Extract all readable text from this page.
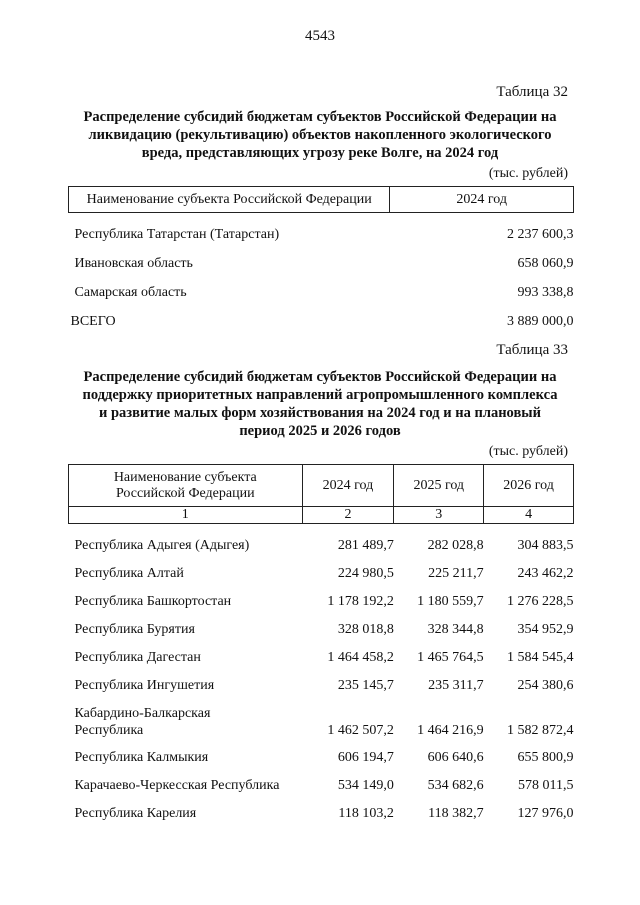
4543
Таблица 32
Распределение субсидий бюджетам субъектов Российской Федерации на
ликвидацию (рекультивацию) объектов накопленного экологического
вреда, представляющих угрозу реке Волге, на 2024 год
(тыс. рублей)
Наименование субъекта Российской Федерации	2024 год

Республика Татарстан (Татарстан)	2 237 600,3
Ивановская область	658 060,9
Самарская область	993 338,8
ВСЕГО	3 889 000,0
Таблица 33
Распределение субсидий бюджетам субъектов Российской Федерации на
поддержку приоритетных направлений агропромышленного комплекса
и развитие малых форм хозяйствования на 2024 год и на плановый
период 2025 и 2026 годов
(тыс. рублей)
Наименование субъекта
Российской Федерации	2024 год	2025 год	2026 год
1	2	3	4

Республика Адыгея (Адыгея)	281 489,7	282 028,8	304 883,5
Республика Алтай	224 980,5	225 211,7	243 462,2
Республика Башкортостан	1 178 192,2	1 180 559,7	1 276 228,5
Республика Бурятия	328 018,8	328 344,8	354 952,9
Республика Дагестан	1 464 458,2	1 465 764,5	1 584 545,4
Республика Ингушетия	235 145,7	235 311,7	254 380,6

Кабардино-Балкарская
Республика	1 462 507,2	1 464 216,9	1 582 872,4
Республика Калмыкия	606 194,7	606 640,6	655 800,9
Карачаево-Черкесская Республика	534 149,0	534 682,6	578 011,5
Республика Карелия	118 103,2	118 382,7	127 976,0
